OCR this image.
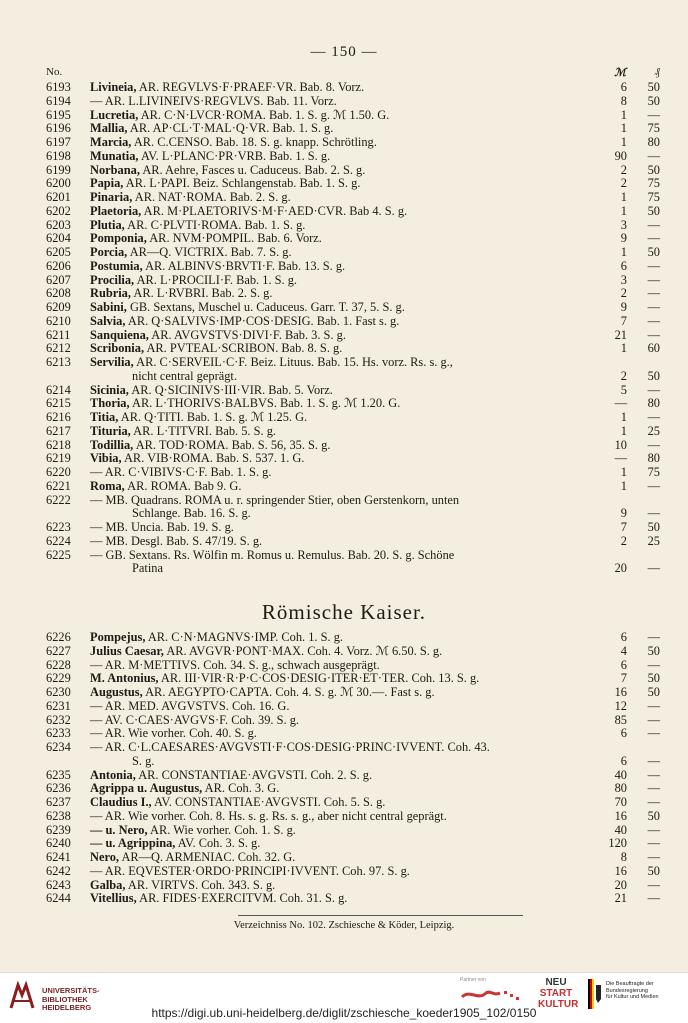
— 150 —
No.	ℳ	₰
6193	Livineia, AR. REGVLVS·F·PRAEF·VR. Bab. 8. Vorz.	6	50
6194	— AR. L.LIVINEIVS·REGVLVS. Bab. 11. Vorz.	8	50
6195	Lucretia, AR. C·N·LVCR·ROMA. Bab. 1. S. g. ℳ 1.50. G.	1	—
6196	Mallia, AR. AP·CL·T·MAL·Q·VR. Bab. 1. S. g.	1	75
6197	Marcia, AR. C.CENSO. Bab. 18. S. g. knapp. Schrötling.	1	80
6198	Munatia, AV. L·PLANC·PR·VRB. Bab. 1. S. g.	90	—
6199	Norbana, AR. Aehre, Fasces u. Caduceus. Bab. 2. S. g.	2	50
6200	Papia, AR. L·PAPI. Beiz. Schlangenstab. Bab. 1. S. g.	2	75
6201	Pinaria, AR. NAT·ROMA. Bab. 2. S. g.	1	75
6202	Plaetoria, AR. M·PLAETORIVS·M·F·AED·CVR. Bab 4. S. g.	1	50
6203	Plutia, AR. C·PLVTI·ROMA. Bab. 1. S. g.	3	—
6204	Pomponia, AR. NVM·POMPIL. Bab. 6. Vorz.	9	—
6205	Porcia, AR—Q. VICTRIX. Bab. 7. S. g.	1	50
6206	Postumia, AR. ALBINVS·BRVTI·F. Bab. 13. S. g.	6	—
6207	Procilia, AR. L·PROCILI·F. Bab. 1. S. g.	3	—
6208	Rubria, AR. L·RVBRI. Bab. 2. S. g.	2	—
6209	Sabini, GB. Sextans, Muschel u. Caduceus. Garr. T. 37, 5. S. g.	9	—
6210	Salvia, AR. Q·SALVIVS·IMP·COS·DESIG. Bab. 1. Fast s. g.	7	—
6211	Sanquiena, AR. AVGVSTVS·DIVI·F. Bab. 3. S. g.	21	—
6212	Scribonia, AR. PVTEAL·SCRIBON. Bab. 8. S. g.	1	60
6213	Servilia, AR. C·SERVEIL·C·F. Beiz. Lituus. Bab. 15. Hs. vorz. Rs. s. g.,
nicht central geprägt.	2	50
6214	Sicinia, AR. Q·SICINIVS·III·VIR. Bab. 5. Vorz.	5	—
6215	Thoria, AR. L·THORIVS·BALBVS. Bab. 1. S. g. ℳ 1.20. G.	—	80
6216	Titia, AR. Q·TITI. Bab. 1. S. g. ℳ 1.25. G.	1	—
6217	Tituria, AR. L·TITVRI. Bab. 5. S. g.	1	25
6218	Todillia, AR. TOD·ROMA. Bab. S. 56, 35. S. g.	10	—
6219	Vibia, AR. VIB·ROMA. Bab. S. 537. 1. G.	—	80
6220	— AR. C·VIBIVS·C·F. Bab. 1. S. g.	1	75
6221	Roma, AR. ROMA. Bab 9. G.	1	—
6222	— MB. Quadrans. ROMA u. r. springender Stier, oben Gerstenkorn, unten
Schlange. Bab. 16. S. g.	9	—
6223	— MB. Uncia. Bab. 19. S. g.	7	50
6224	— MB. Desgl. Bab. S. 47/19. S. g.	2	25
6225	— GB. Sextans. Rs. Wölfin m. Romus u. Remulus. Bab. 20. S. g. Schöne
Patina	20	—
Römische Kaiser.
6226	Pompejus, AR. C·N·MAGNVS·IMP. Coh. 1. S. g.	6	—
6227	Julius Caesar, AR. AVGVR·PONT·MAX. Coh. 4. Vorz. ℳ 6.50. S. g.	4	50
6228	— AR. M·METTIVS. Coh. 34. S. g., schwach ausgeprägt.	6	—
6229	M. Antonius, AR. III·VIR·R·P·C·COS·DESIG·ITER·ET·TER. Coh. 13. S. g.	7	50
6230	Augustus, AR. AEGYPTO·CAPTA. Coh. 4. S. g. ℳ 30.—. Fast s. g.	16	50
6231	— AR. MED. AVGVSTVS. Coh. 16. G.	12	—
6232	— AV. C·CAES·AVGVS·F. Coh. 39. S. g.	85	—
6233	— AR. Wie vorher. Coh. 40. S. g.	6	—
6234	— AR. C·L.CAESARES·AVGVSTI·F·COS·DESIG·PRINC·IVVENT. Coh. 43.
S. g.	6	—
6235	Antonia, AR. CONSTANTIAE·AVGVSTI. Coh. 2. S. g.	40	—
6236	Agrippa u. Augustus, AR. Coh. 3. G.	80	—
6237	Claudius I., AV. CONSTANTIAE·AVGVSTI. Coh. 5. S. g.	70	—
6238	— AR. Wie vorher. Coh. 8. Hs. s. g. Rs. s. g., aber nicht central geprägt.	16	50
6239	— u. Nero, AR. Wie vorher. Coh. 1. S. g.	40	—
6240	— u. Agrippina, AV. Coh. 3. S. g.	120	—
6241	Nero, AR—Q. ARMENIAC. Coh. 32. G.	8	—
6242	— AR. EQVESTER·ORDO·PRINCIPI·IVVENT. Coh. 97. S. g.	16	50
6243	Galba, AR. VIRTVS. Coh. 343. S. g.	20	—
6244	Vitellius, AR. FIDES·EXERCITVM. Coh. 31. S. g.	21	—
Verzeichniss No. 102. Zschiesche & Köder, Leipzig.
UNIVERSITÄTS-
BIBLIOTHEK
HEIDELBERG
Partner von	NEU
START
KULTUR
Die Beauftragte der Bundesregierung
für Kultur und Medien
https://digi.ub.uni-heidelberg.de/diglit/zschiesche_koeder1905_102/0150
